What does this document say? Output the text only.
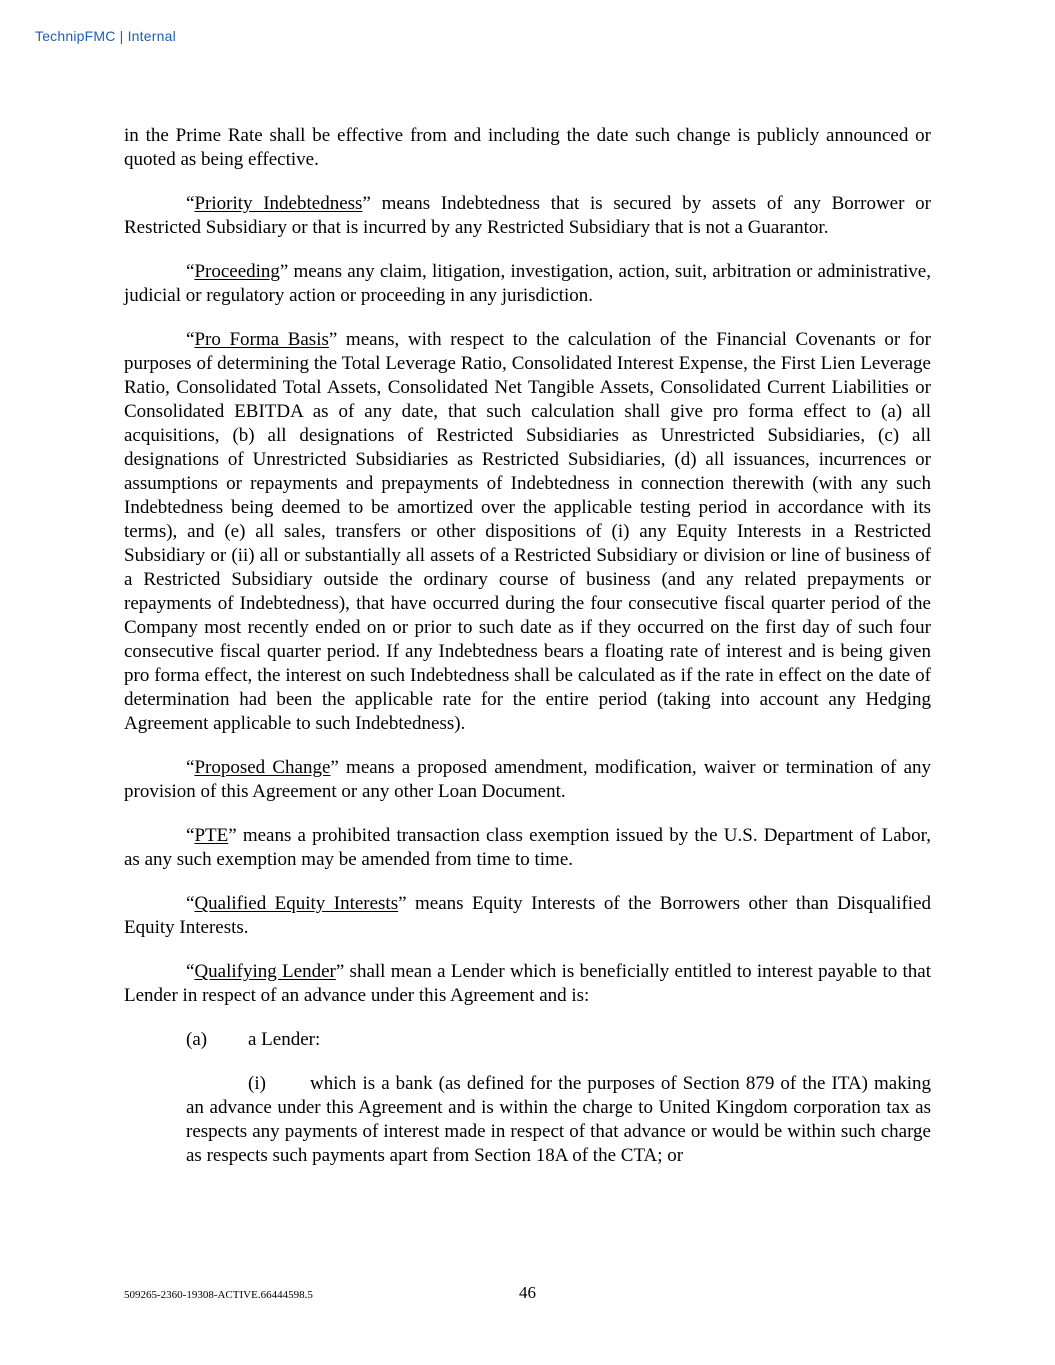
TechnipFMC | Internal

in the Prime Rate shall be effective from and including the date such change is publicly announced or quoted as being effective.

“Priority Indebtedness” means Indebtedness that is secured by assets of any Borrower or Restricted Subsidiary or that is incurred by any Restricted Subsidiary that is not a Guarantor.

“Proceeding” means any claim, litigation, investigation, action, suit, arbitration or administrative, judicial or regulatory action or proceeding in any jurisdiction.

“Pro Forma Basis” means, with respect to the calculation of the Financial Covenants or for purposes of determining the Total Leverage Ratio, Consolidated Interest Expense, the First Lien Leverage Ratio, Consolidated Total Assets, Consolidated Net Tangible Assets, Consolidated Current Liabilities or Consolidated EBITDA as of any date, that such calculation shall give pro forma effect to (a) all acquisitions, (b) all designations of Restricted Subsidiaries as Unrestricted Subsidiaries, (c) all designations of Unrestricted Subsidiaries as Restricted Subsidiaries, (d) all issuances, incurrences or assumptions or repayments and prepayments of Indebtedness in connection therewith (with any such Indebtedness being deemed to be amortized over the applicable testing period in accordance with its terms), and (e) all sales, transfers or other dispositions of (i) any Equity Interests in a Restricted Subsidiary or (ii) all or substantially all assets of a Restricted Subsidiary or division or line of business of a Restricted Subsidiary outside the ordinary course of business (and any related prepayments or repayments of Indebtedness), that have occurred during the four consecutive fiscal quarter period of the Company most recently ended on or prior to such date as if they occurred on the first day of such four consecutive fiscal quarter period. If any Indebtedness bears a floating rate of interest and is being given pro forma effect, the interest on such Indebtedness shall be calculated as if the rate in effect on the date of determination had been the applicable rate for the entire period (taking into account any Hedging Agreement applicable to such Indebtedness).

“Proposed Change” means a proposed amendment, modification, waiver or termination of any provision of this Agreement or any other Loan Document.

“PTE” means a prohibited transaction class exemption issued by the U.S. Department of Labor, as any such exemption may be amended from time to time.

“Qualified Equity Interests” means Equity Interests of the Borrowers other than Disqualified Equity Interests.

“Qualifying Lender” shall mean a Lender which is beneficially entitled to interest payable to that Lender in respect of an advance under this Agreement and is:

(a) a Lender:

(i) which is a bank (as defined for the purposes of Section 879 of the ITA) making an advance under this Agreement and is within the charge to United Kingdom corporation tax as respects any payments of interest made in respect of that advance or would be within such charge as respects such payments apart from Section 18A of the CTA; or

509265-2360-19308-ACTIVE.66444598.5	46
